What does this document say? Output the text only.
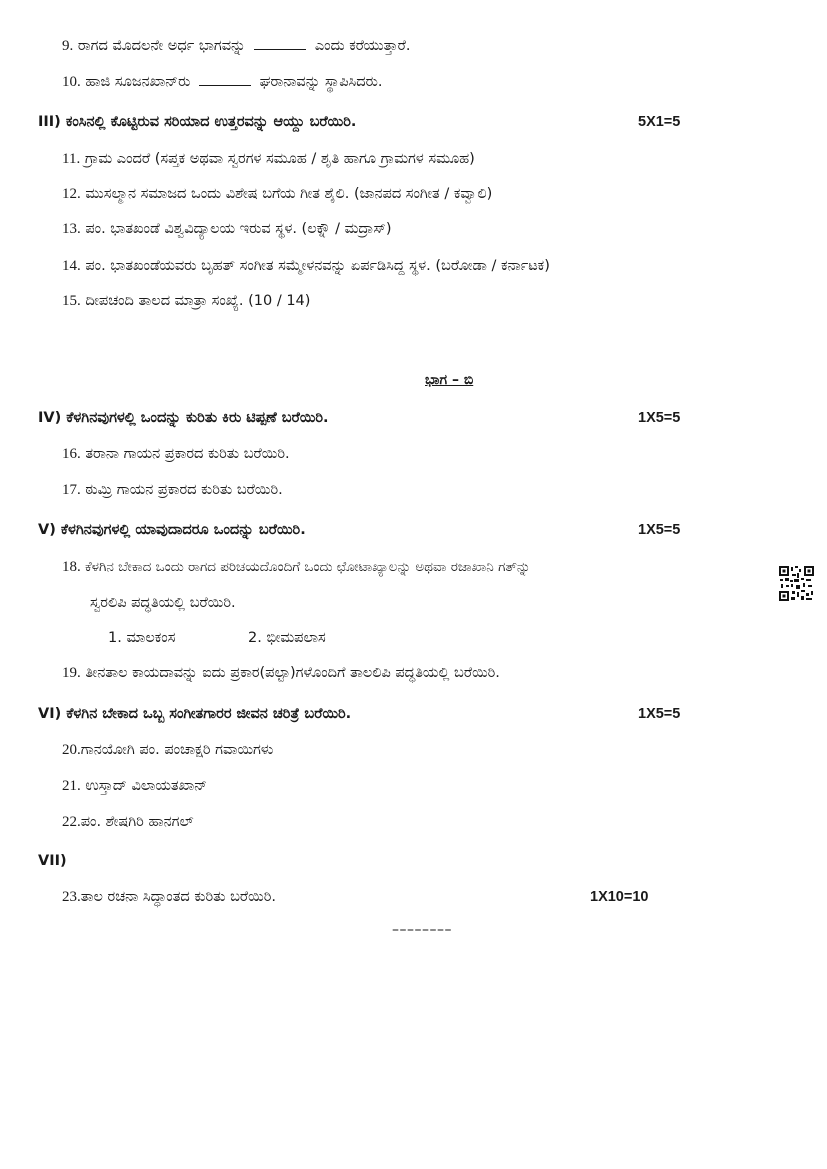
9. ರಾಗದ ಮೊದಲನೇ ಅರ್ಧ ಭಾಗವನ್ನು	ಎಂದು ಕರೆಯುತ್ತಾರೆ.
10. ಹಾಜಿ ಸೂಜನಖಾನ್‌ರು	ಘರಾನಾವನ್ನು ಸ್ಥಾಪಿಸಿದರು.
III) ಕಂಸಿನಲ್ಲಿ ಕೊಟ್ಟಿರುವ ಸರಿಯಾದ ಉತ್ತರವನ್ನು ಆಯ್ದು ಬರೆಯಿರಿ.	5X1=5
11. ಗ್ರಾಮ ಎಂದರೆ (ಸಪ್ತಕ ಅಥವಾ ಸ್ವರಗಳ ಸಮೂಹ / ಶೃತಿ ಹಾಗೂ ಗ್ರಾಮಗಳ ಸಮೂಹ)
12. ಮುಸಲ್ಮಾನ ಸಮಾಜದ ಒಂದು ವಿಶೇಷ ಬಗೆಯ ಗೀತ ಶೈಲಿ. (ಜಾನಪದ ಸಂಗೀತ / ಕವ್ವಾಲಿ)
13. ಪಂ. ಭಾತಖಂಡೆ ವಿಶ್ವವಿದ್ಯಾಲಯ ಇರುವ ಸ್ಥಳ. (ಲಕ್ನೌ / ಮದ್ರಾಸ್)
14. ಪಂ. ಭಾತಖಂಡೆಯವರು ಬೃಹತ್ ಸಂಗೀತ ಸಮ್ಮೇಳನವನ್ನು ಏರ್ಪಡಿಸಿದ್ದ ಸ್ಥಳ. (ಬರೋಡಾ / ಕರ್ನಾಟಕ)
15. ದೀಪಚಂದಿ ತಾಲದ ಮಾತ್ರಾ ಸಂಖ್ಯೆ. (10 / 14)
ಭಾಗ – ಬಿ
IV) ಕೆಳಗಿನವುಗಳಲ್ಲಿ ಒಂದನ್ನು ಕುರಿತು ಕಿರು ಟಿಪ್ಪಣೆ ಬರೆಯಿರಿ.	1X5=5
16. ತರಾನಾ ಗಾಯನ ಪ್ರಕಾರದ ಕುರಿತು ಬರೆಯಿರಿ.
17. ಠುಮ್ರಿ ಗಾಯನ ಪ್ರಕಾರದ ಕುರಿತು ಬರೆಯಿರಿ.
V) ಕೆಳಗಿನವುಗಳಲ್ಲಿ ಯಾವುದಾದರೂ ಒಂದನ್ನು ಬರೆಯಿರಿ.	1X5=5
18. ಕೆಳಗಿನ ಬೇಕಾದ ಒಂದು ರಾಗದ ಪರಿಚಯದೊಂದಿಗೆ ಒಂದು ಛೋಟಾಖ್ಯಾಲನ್ನು ಅಥವಾ ರಜಾಖಾನಿ ಗತ್‌ನ್ನು
ಸ್ವರಲಿಪಿ ಪದ್ಧತಿಯಲ್ಲಿ ಬರೆಯಿರಿ.
1. ಮಾಲಕಂಸ	2. ಭೀಮಪಲಾಸ
19. ತೀನತಾಲ ಕಾಯದಾವನ್ನು ಐದು ಪ್ರಕಾರ(ಪಲ್ಟಾ)ಗಳೊಂದಿಗೆ ತಾಲಲಿಪಿ ಪದ್ಧತಿಯಲ್ಲಿ ಬರೆಯಿರಿ.
VI) ಕೆಳಗಿನ ಬೇಕಾದ ಒಬ್ಬ ಸಂಗೀತಗಾರರ ಜೀವನ ಚರಿತ್ರೆ ಬರೆಯಿರಿ.	1X5=5
20.ಗಾನಯೋಗಿ ಪಂ. ಪಂಚಾಕ್ಷರಿ ಗವಾಯಿಗಳು
21. ಉಸ್ತಾದ್ ವಿಲಾಯತಖಾನ್
22.ಪಂ. ಶೇಷಗಿರಿ ಹಾನಗಲ್
VII)
23.ತಾಲ ರಚನಾ ಸಿದ್ಧಾಂತದ ಕುರಿತು ಬರೆಯಿರಿ.	1X10=10
––––––––
